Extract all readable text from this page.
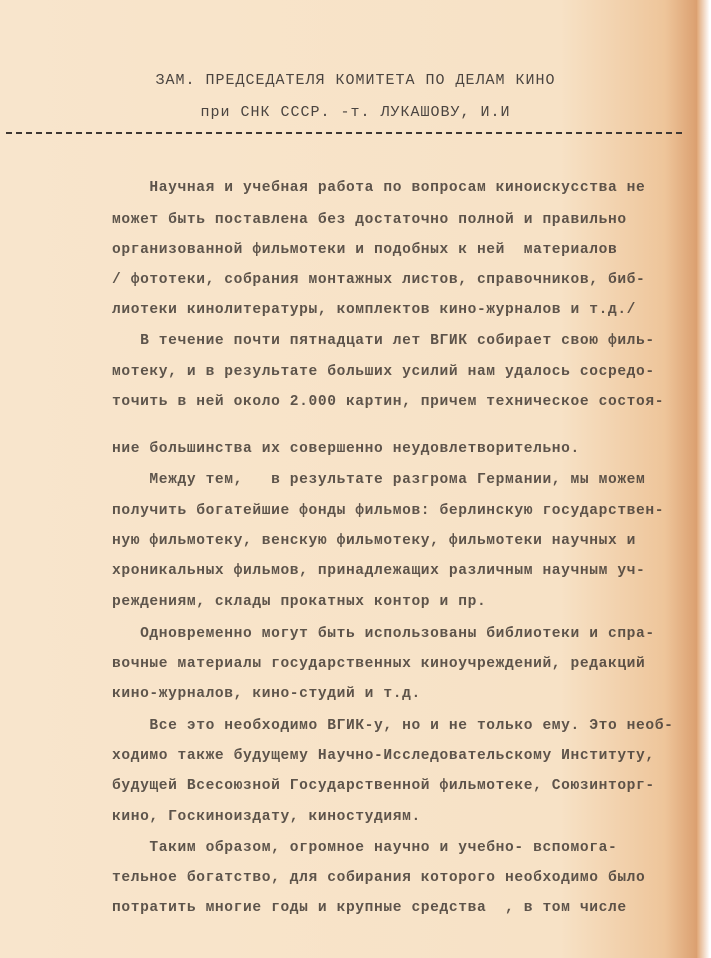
ЗАМ. ПРЕДСЕДАТЕЛЯ КОМИТЕТА ПО ДЕЛАМ КИНО
при СНК СССР. -т. ЛУКАШОВУ, И.И
Научная и учебная работа по вопросам киноискусства не
может быть поставлена без достаточно полной и правильно
организованной фильмотеки и подобных к ней  материалов
/ фототеки, собрания монтажных листов, справочников, биб-
лиотеки кинолитературы, комплектов кино-журналов и т.д./
В течение почти пятнадцати лет ВГИК собирает свою филь-
мотеку, и в результате больших усилий нам удалось сосредо-
точить в ней около 2.000 картин, причем техническое состоя-
ние большинства их совершенно неудовлетворительно.
Между тем,   в результате разгрома Германии, мы можем
получить богатейшие фонды фильмов: берлинскую государствен-
ную фильмотеку, венскую фильмотеку, фильмотеки научных и
хроникальных фильмов, принадлежащих различным научным уч-
реждениям, склады прокатных контор и пр.
Одновременно могут быть использованы библиотеки и спра-
вочные материалы государственных киноучреждений, редакций
кино-журналов, кино-студий и т.д.
Все это необходимо ВГИК-у, но и не только ему. Это необ-
ходимо также будущему Научно-Исследовательскому Институту,
будущей Всесоюзной Государственной фильмотеке, Союзинторг-
кино, Госкиноиздату, киностудиям.
Таким образом, огромное научно и учебно- вспомога-
тельное богатство, для собирания которого необходимо было
потратить многие годы и крупные средства  , в том числе
